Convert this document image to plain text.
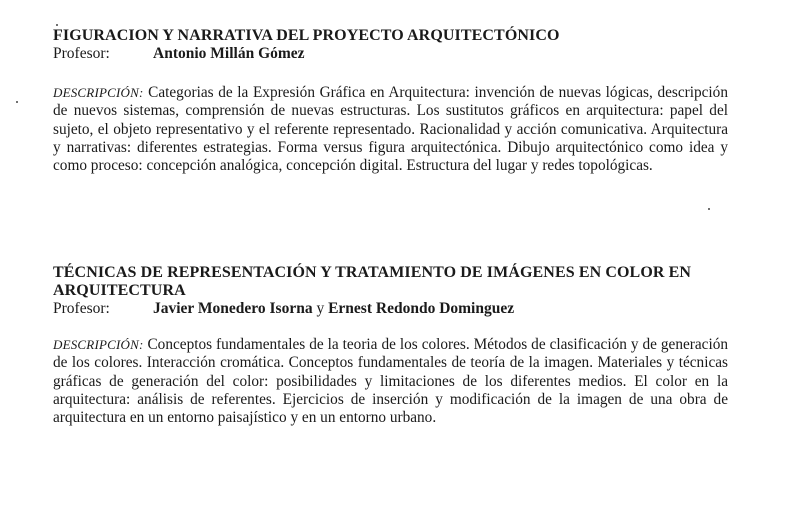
FIGURACION Y NARRATIVA DEL PROYECTO ARQUITECTÓNICO

Profesor:	Antonio Millán Gómez

DESCRIPCIÓN: Categorias de la Expresión Gráfica en Arquitectura: invención de nuevas lógicas, descripción de nuevos sistemas, comprensión de nuevas estructuras. Los sustitutos gráficos en arquitectura: papel del sujeto, el objeto representativo y el referente representado. Racionalidad y acción comunicativa. Arquitectura y narrativas: diferentes estrategias. Forma versus figura arquitectónica. Dibujo arquitectónico como idea y como proceso: concepción analógica, concepción digital. Estructura del lugar y redes topológicas.

TÉCNICAS DE REPRESENTACIÓN Y TRATAMIENTO DE IMÁGENES EN COLOR EN ARQUITECTURA

Profesor:	Javier Monedero Isorna y Ernest Redondo Dominguez

DESCRIPCIÓN: Conceptos fundamentales de la teoria de los colores. Métodos de clasificación y de generación de los colores. Interacción cromática. Conceptos fundamentales de teoría de la imagen. Materiales y técnicas gráficas de generación del color: posibilidades y limitaciones de los diferentes medios. El color en la arquitectura: análisis de referentes. Ejercicios de inserción y modificación de la imagen de una obra de arquitectura en un entorno paisajístico y en un entorno urbano.
